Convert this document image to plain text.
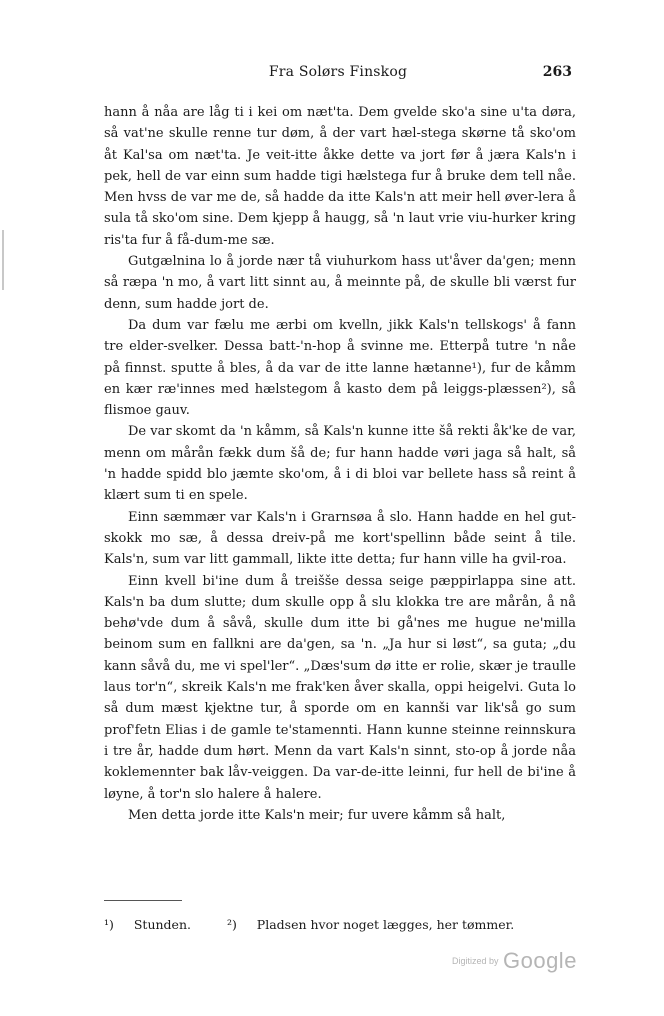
Fra Solørs Finskog	263

hann å nåa are låg ti i kei om næt'ta. Dem gvelde sko'a sine u'ta døra, så vat'ne skulle renne tur døm, å der vart hæl-stega skørne tå sko'om åt Kal'sa om næt'ta. Je veit-itte åkke dette va jort før å jæra Kals'n i pek, hell de var einn sum hadde tigi hælstega fur å bruke dem tell nåe. Men hvss de var me de, så hadde da itte Kals'n att meir hell øver-lera å sula tå sko'om sine. Dem kjepp å haugg, så 'n laut vrie viu-hurker kring ris'ta fur å få-dum-me sæ.

Gutgælnina lo å jorde nær tå viuhurkom hass ut'åver da'gen; menn så ræpa 'n mo, å vart litt sinnt au, å meinnte på, de skulle bli værst fur denn, sum hadde jort de.

Da dum var fælu me ærbi om kvelln, jikk Kals'n tellskogs' å fann tre elder-svelker. Dessa batt-'n-hop å svinne me. Etterpå tutre 'n nåe på finnst. sputte å bles, å da var de itte lanne hætanne¹), fur de kåmm en kær ræ'innes med hælstegom å kasto dem på leiggs-plæssen²), så flismoe gauv.

De var skomt da 'n kåmm, så Kals'n kunne itte šå rekti åk'ke de var, menn om mårån fækk dum šå de; fur hann hadde vøri jaga så halt, så 'n hadde spidd blo jæmte sko'om, å i di bloi var bellete hass så reint å klært sum ti en spele.

Einn sæmmær var Kals'n i Grarnsøa å slo. Hann hadde en hel gut-skokk mo sæ, å dessa dreiv-på me kort'spellinn både seint å tile. Kals'n, sum var litt gammall, likte itte detta; fur hann ville ha gvil-roa.

Einn kvell bi'ine dum å treišše dessa seige pæppirlappa sine att. Kals'n ba dum slutte; dum skulle opp å slu klokka tre are mårån, å nå behø'vde dum å såvå, skulle dum itte bi gå'nes me hugue ne'milla beinom sum en fallkni are da'gen, sa 'n. „Ja hur si løst“, sa guta; „du kann såvå du, me vi spel'ler“. „Dæs'sum dø itte er rolie, skær je traulle laus tor'n“, skreik Kals'n me frak'ken åver skalla, oppi heigelvi. Guta lo så dum mæst kjektne tur, å sporde om en kannši var lik'så go sum prof'fetn Elias i de gamle te'stamennti. Hann kunne steinne reinnskura i tre år, hadde dum hørt. Menn da vart Kals'n sinnt, sto-op å jorde nåa koklemennter bak låv-veiggen. Da var-de-itte leinni, fur hell de bi'ine å løyne, å tor'n slo halere å halere.

Men detta jorde itte Kals'n meir; fur uvere kåmm så halt,

¹) Stunden.	²) Pladsen hvor noget lægges, her tømmer.
Digitized by Google
